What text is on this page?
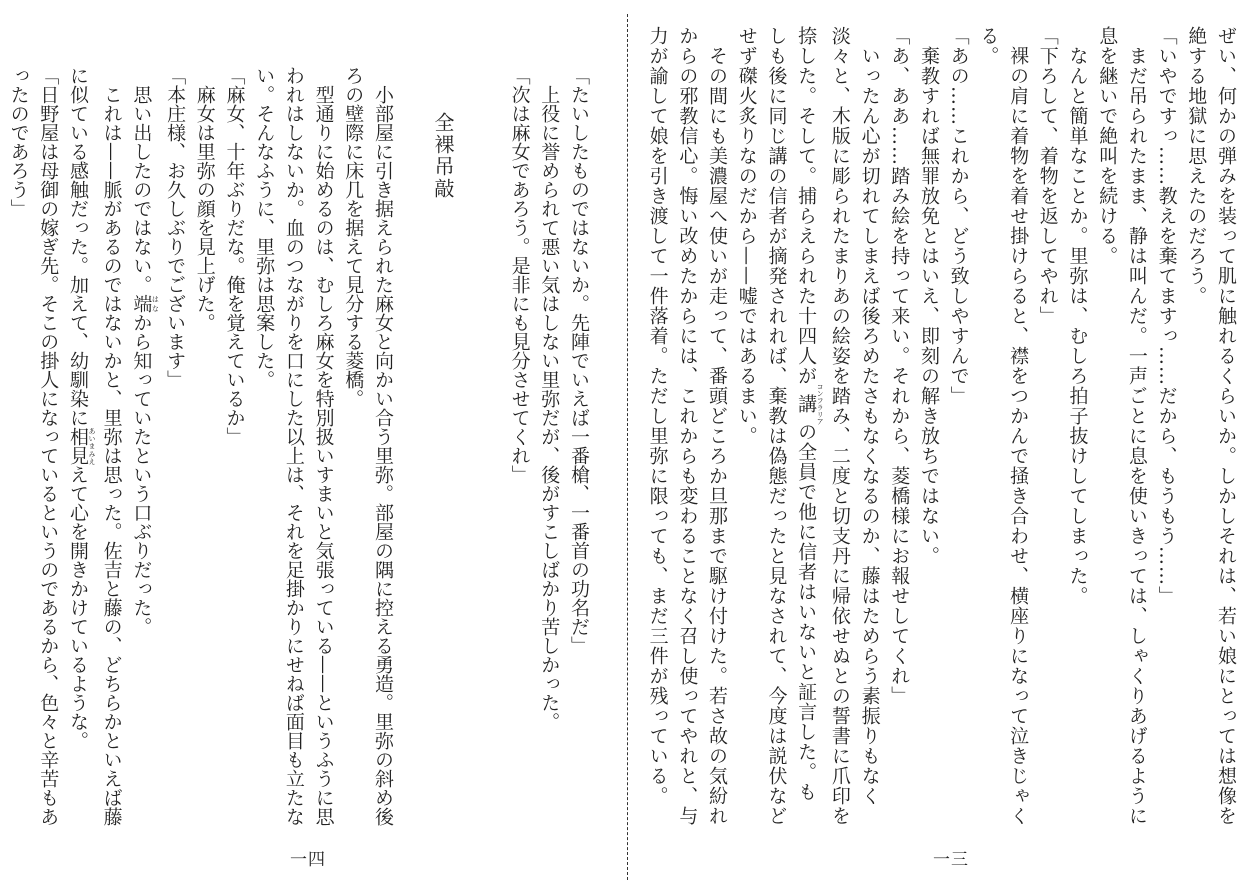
ぜい、何かの弾みを装って肌に触れるくらいか。しかしそれは、若い娘にとっては想像を
絶する地獄に思えたのだろう。
「いやですっ……教えを棄てますっ……だから、もうもう……」
　まだ吊られたまま、静は叫んだ。一声ごとに息を使いきっては、しゃくりあげるように
息を継いで絶叫を続ける。
　なんと簡単なことか。里弥は、むしろ拍子抜けしてしまった。
「下ろして、着物を返してやれ」
　裸の肩に着物を着せ掛けらると、襟をつかんで掻き合わせ、横座りになって泣きじゃく
る。
「あの……これから、どう致しやすんで」
　棄教すれば無罪放免とはいえ、即刻の解き放ちではない。
「あ、ああ……踏み絵を持って来い。それから、菱橋様にお報せしてくれ」
　いったん心が切れてしまえば後ろめたさもなくなるのか、藤はためらう素振りもなく
淡々と、木版に彫られたまりあの絵姿を踏み、二度と切支丹に帰依せぬとの誓書に爪印を
捺した。そして。捕らえられた十四人が講 コンフラリアの全員で他に信者はいないと証言した。も
しも後に同じ講の信者が摘発されれば、棄教は偽態だったと見なされて、今度は説伏など
せず磔火炙りなのだから——嘘ではあるまい。
　その間にも美濃屋へ使いが走って、番頭どころか旦那まで駆け付けた。若さ故の気紛れ
からの邪教信心。悔い改めたからには、これからも変わることなく召し使ってやれと、与
力が諭して娘を引き渡して一件落着。ただし里弥に限っても、まだ三件が残っている。
「たいしたものではないか。先陣でいえば一番槍、一番首の功名だ」
　上役に誉められて悪い気はしない里弥だが、後がすこしばかり苦しかった。
「次は麻女であろう。是非にも見分させてくれ」
全裸吊敲
　小部屋に引き据えられた麻女と向かい合う里弥。部屋の隅に控える勇造。里弥の斜め後
ろの壁際に床几を据えて見分する菱橋。
　型通りに始めるのは、むしろ麻女を特別扱いすまいと気張っている——というふうに思
われはしないか。血のつながりを口にした以上は、それを足掛かりにせねば面目も立たな
い。そんなふうに、里弥は思案した。
「麻女、十年ぶりだな。俺を覚えているか」
　麻女は里弥の顔を見上げた。
「本庄様、お久しぶりでございます」
　思い出したのではない。端 はなから知っていたという口ぶりだった。
　これは——脈があるのではないかと、里弥は思った。佐吉と藤の、どちらかといえば藤
に似ている感触だった。加えて、幼馴染に相見 あいまみええて心を開きかけているような。
「日野屋は母御の嫁ぎ先。そこの掛人になっているというのであるから、色々と辛苦もあ
ったのであろう」
一四	一三
